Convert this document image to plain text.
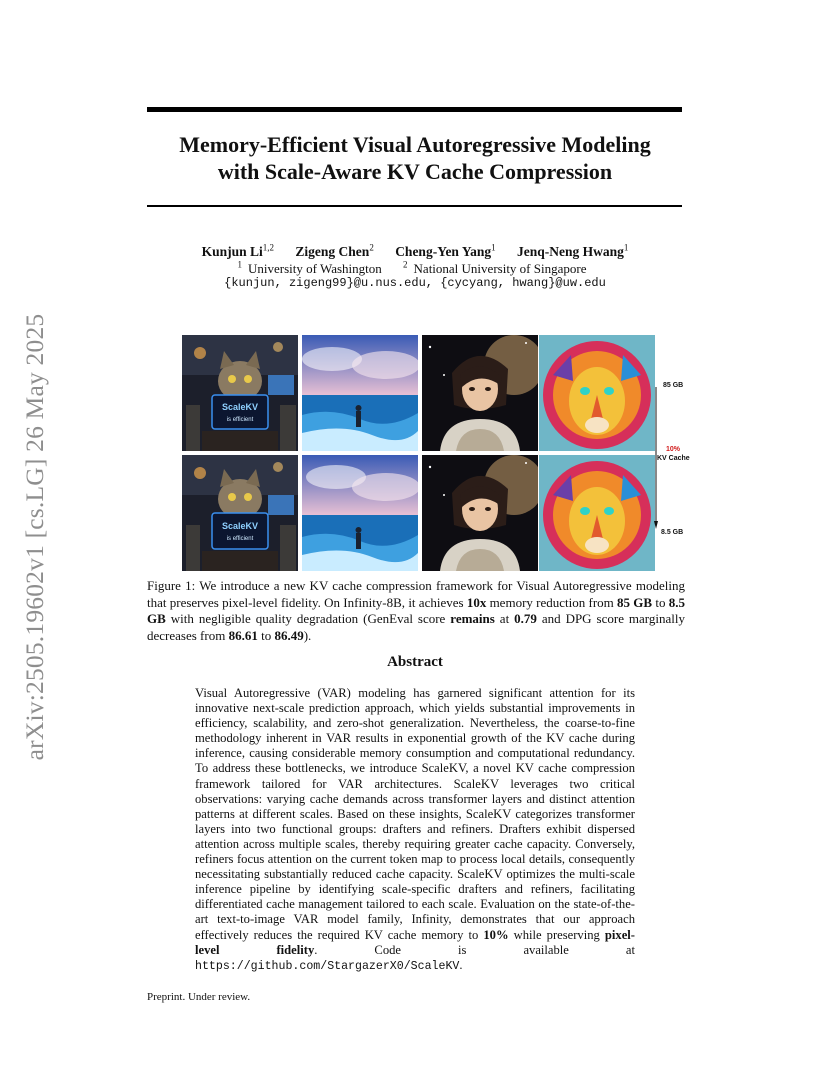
arXiv:2505.19602v1 [cs.LG] 26 May 2025
Memory-Efficient Visual Autoregressive Modeling
with Scale-Aware KV Cache Compression
Kunjun Li$^{1,2}$ Zigeng Chen$^2$ Cheng-Yen Yang$^1$ Jenq-Neng Hwang$^1$
$^1$ University of Washington $^2$ National University of Singapore
{kunjun, zigeng99}@u.nus.edu, {cycyang, hwang}@uw.edu
ScaleKV
is efficient
ScaleKV
is efficient
85 GB
10%
KV Cache
8.5 GB
Figure 1: We introduce a new KV cache compression framework for Visual Autoregressive modeling that preserves pixel-level fidelity. On Infinity-8B, it achieves 10x memory reduction from 85 GB to 8.5 GB with negligible quality degradation (GenEval score remains at 0.79 and DPG score marginally decreases from 86.61 to 86.49).
Abstract
Visual Autoregressive (VAR) modeling has garnered significant attention for its innovative next-scale prediction approach, which yields substantial improvements in efficiency, scalability, and zero-shot generalization. Nevertheless, the coarse-to-fine methodology inherent in VAR results in exponential growth of the KV cache during inference, causing considerable memory consumption and computational redundancy. To address these bottlenecks, we introduce ScaleKV, a novel KV cache compression framework tailored for VAR architectures. ScaleKV leverages two critical observations: varying cache demands across transformer layers and distinct attention patterns at different scales. Based on these insights, ScaleKV categorizes transformer layers into two functional groups: drafters and refiners. Drafters exhibit dispersed attention across multiple scales, thereby requiring greater cache capacity. Conversely, refiners focus attention on the current token map to process local details, consequently necessitating substantially reduced cache capacity. ScaleKV optimizes the multi-scale inference pipeline by identifying scale-specific drafters and refiners, facilitating differentiated cache management tailored to each scale. Evaluation on the state-of-the-art text-to-image VAR model family, Infinity, demonstrates that our approach effectively reduces the required KV cache memory to 10% while preserving pixel-level fidelity. Code is available at https://github.com/StargazerX0/ScaleKV.
Preprint. Under review.
